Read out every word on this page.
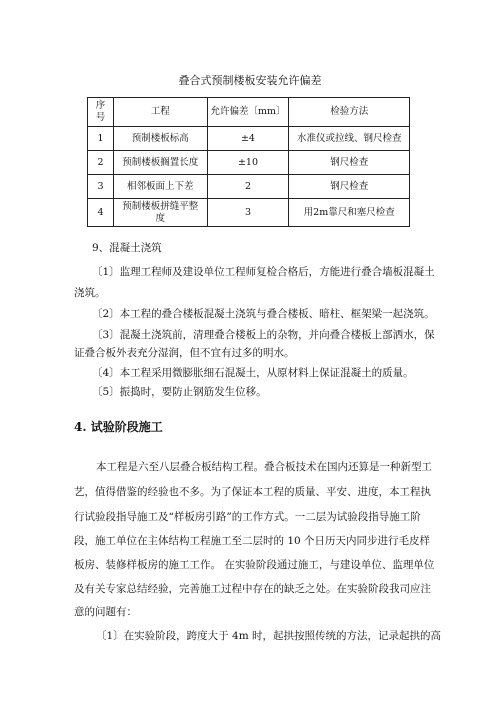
叠合式预制楼板安装允许偏差
序
号	工程	允许偏差〔mm〕	检验方法
1	预制楼板标高	±4	水准仪或拉线、钢尺检查
2	预制楼板搁置长度	±10	钢尺检查
3	相邻板面上下差	2	钢尺检查
4	预制楼板拼缝平整
度	3	用2m靠尺和塞尺检查
9、混凝土浇筑
〔1〕监理工程师及建设单位工程师复检合格后，方能进行叠合墙板混凝土
浇筑。
〔2〕本工程的叠合楼板混凝土浇筑与叠合楼板、暗柱、框架梁一起浇筑。
〔3〕混凝土浇筑前，清理叠合楼板上的杂物，并向叠合楼板上部洒水，保
证叠合板外表充分湿润，但不宜有过多的明水。
〔4〕本工程采用微膨胀细石混凝土，从原材料上保证混凝土的质量。
〔5〕振捣时，要防止钢筋发生位移。
4. 试验阶段施工
本工程是六至八层叠合板结构工程。叠合板技术在国内还算是一种新型工
艺，值得借鉴的经验也不多。为了保证本工程的质量、平安、进度，本工程执
行试验段指导施工及“样板房引路”的工作方式。一二层为试验段指导施工阶
段，施工单位在主体结构工程施工至二层时的 10 个日历天内同步进行毛皮样
板房、装修样板房的施工工作。 在实验阶段通过施工，与建设单位、监理单位
及有关专家总结经验，完善施工过程中存在的缺乏之处。在实验阶段我司应注
意的问题有：
〔1〕在实验阶段，跨度大于 4m 时，起拱按照传统的方法，记录起拱的高
